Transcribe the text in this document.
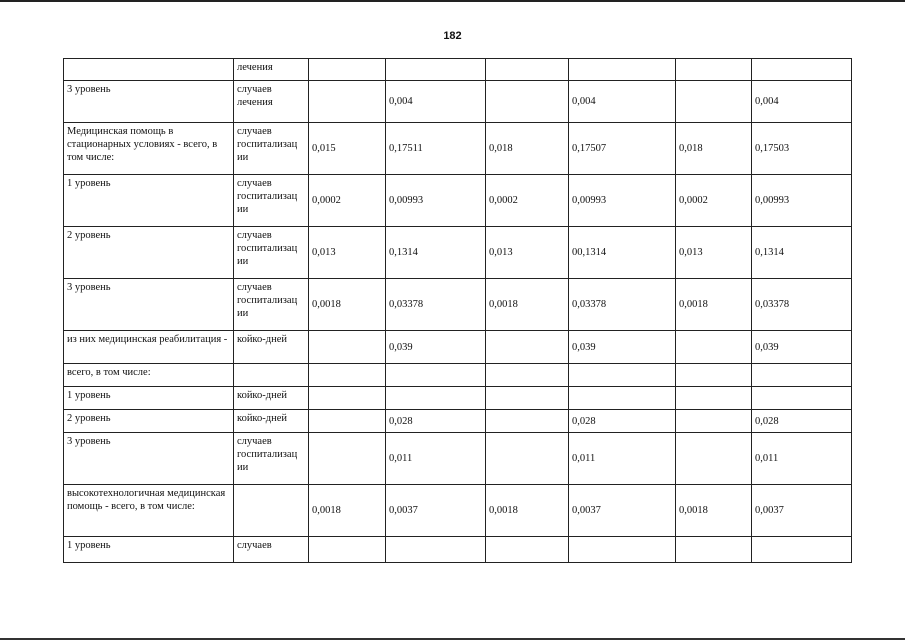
182
	лечения						
3 уровень	случаев лечения		0,004		0,004		0,004
Медицинская помощь в стационарных условиях - всего, в том числе:	случаев госпитализац ии	0,015	0,17511	0,018	0,17507	0,018	0,17503
1 уровень	случаев госпитализац ии	0,0002	0,00993	0,0002	0,00993	0,0002	0,00993
2 уровень	случаев госпитализац ии	0,013	0,1314	0,013	00,1314	0,013	0,1314
3 уровень	случаев госпитализац ии	0,0018	0,03378	0,0018	0,03378	0,0018	0,03378
из них медицинская реабилитация -	койко-дней		0,039		0,039		0,039
всего, в том числе:							
1 уровень	койко-дней						
2 уровень	койко-дней		0,028		0,028		0,028
3 уровень	случаев госпитализац ии		0,011		0,011		0,011
высокотехнологичная медицинская помощь - всего, в том числе:		0,0018	0,0037	0,0018	0,0037	0,0018	0,0037
1 уровень	случаев						
